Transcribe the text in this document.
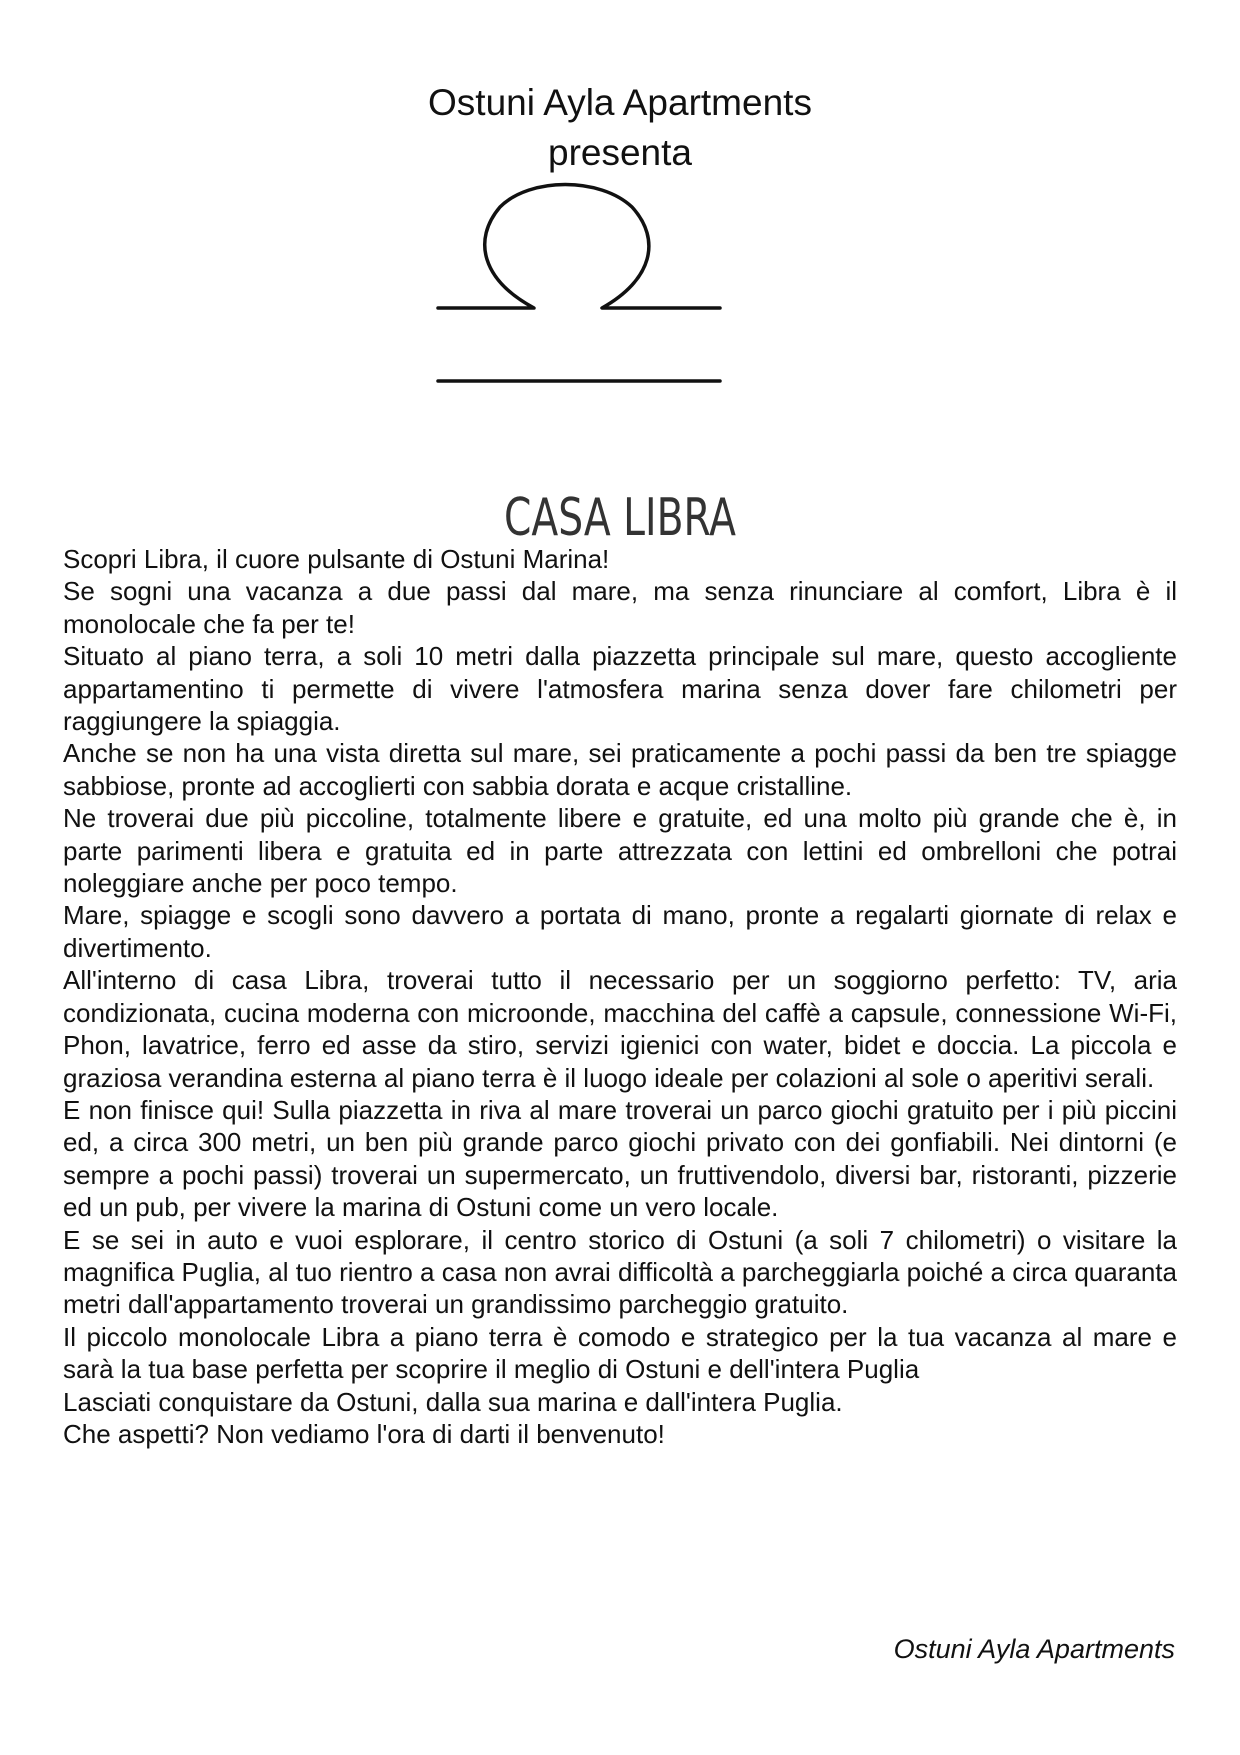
Ostuni Ayla Apartments
presenta
CASA LIBRA

Scopri Libra, il cuore pulsante di Ostuni Marina!

Se sogni una vacanza a due passi dal mare, ma senza rinunciare al comfort, Libra è il monolocale che fa per te!

Situato al piano terra, a soli 10 metri dalla piazzetta principale sul mare, questo accogliente appartamentino ti permette di vivere l'atmosfera marina senza dover fare chilometri per raggiungere la spiaggia.

Anche se non ha una vista diretta sul mare, sei praticamente a pochi passi da ben tre spiagge sabbiose, pronte ad accoglierti con sabbia dorata e acque cristalline.

Ne troverai due più piccoline, totalmente libere e gratuite, ed una molto più grande che è, in parte parimenti libera e gratuita ed in parte attrezzata con lettini ed ombrelloni che potrai noleggiare anche per poco tempo.

Mare, spiagge e scogli sono davvero a portata di mano, pronte a regalarti giornate di relax e divertimento.

All'interno di casa Libra, troverai tutto il necessario per un soggiorno perfetto: TV, aria condizionata, cucina moderna con microonde, macchina del caffè a capsule, connessione Wi-Fi, Phon, lavatrice, ferro ed asse da stiro, servizi igienici con water, bidet e doccia. La piccola e graziosa verandina esterna al piano terra è il luogo ideale per colazioni al sole o aperitivi serali.

E non finisce qui! Sulla piazzetta in riva al mare troverai un parco giochi gratuito per i più piccini ed, a circa 300 metri, un ben più grande parco giochi privato con dei gonfiabili. Nei dintorni (e sempre a pochi passi) troverai un supermercato, un fruttivendolo, diversi bar, ristoranti, pizzerie ed un pub, per vivere la marina di Ostuni come un vero locale.

E se sei in auto e vuoi esplorare, il centro storico di Ostuni (a soli 7 chilometri) o visitare la magnifica Puglia, al tuo rientro a casa non avrai difficoltà a parcheggiarla poiché a circa quaranta metri dall'appartamento troverai un grandissimo parcheggio gratuito.

Il piccolo monolocale Libra a piano terra è comodo e strategico per la tua vacanza al mare e sarà la tua base perfetta per scoprire il meglio di Ostuni e dell'intera Puglia

Lasciati conquistare da Ostuni, dalla sua marina e dall'intera Puglia.

Che aspetti? Non vediamo l'ora di darti il benvenuto!

Ostuni Ayla Apartments
